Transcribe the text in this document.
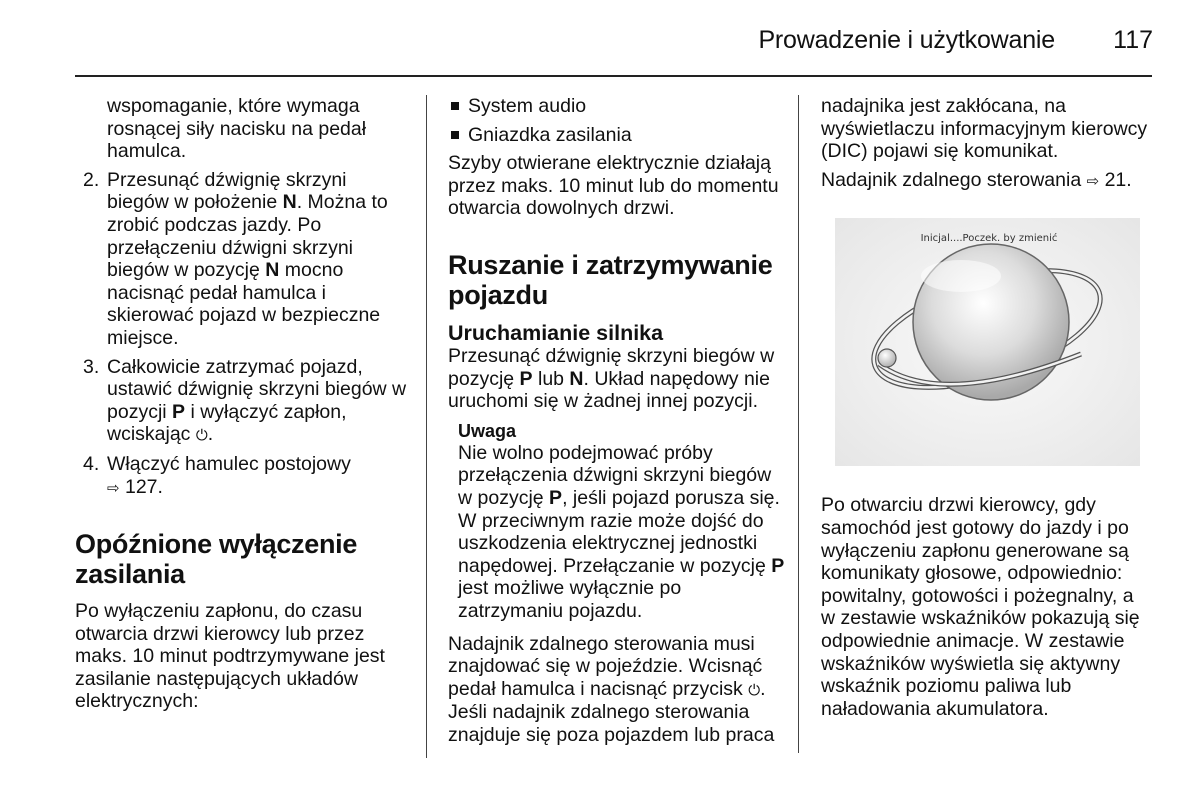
Prowadzenie i użytkowanie 117

wspomaganie, które wymaga rosnącej siły nacisku na pedał hamulca.

2. Przesunąć dźwignię skrzyni biegów w położenie N. Można to zrobić podczas jazdy. Po przełączeniu dźwigni skrzyni biegów w pozycję N mocno nacisnąć pedał hamulca i skierować pojazd w bezpieczne miejsce.
3. Całkowicie zatrzymać pojazd, ustawić dźwignię skrzyni biegów w pozycji P i wyłączyć zapłon, wciskając ⏻.
4. Włączyć hamulec postojowy
⇨ 127.
Opóźnione wyłączenie zasilania

Po wyłączeniu zapłonu, do czasu otwarcia drzwi kierowcy lub przez maks. 10 minut podtrzymywane jest zasilanie następujących układów elektrycznych:

System audio
Gniazdka zasilania

Szyby otwierane elektrycznie działają przez maks. 10 minut lub do momentu otwarcia dowolnych drzwi.

Ruszanie i zatrzymywanie pojazdu
Uruchamianie silnika

Przesunąć dźwignię skrzyni biegów w pozycję P lub N. Układ napędowy nie uruchomi się w żadnej innej pozycji.

Uwaga

Nie wolno podejmować próby przełączenia dźwigni skrzyni biegów w pozycję P, jeśli pojazd porusza się. W przeciwnym razie może dojść do uszkodzenia elektrycznej jednostki napędowej. Przełączanie w pozycję P jest możliwe wyłącznie po zatrzymaniu pojazdu.

Nadajnik zdalnego sterowania musi znajdować się w pojeździe. Wcisnąć pedał hamulca i nacisnąć przycisk ⏻. Jeśli nadajnik zdalnego sterowania znajduje się poza pojazdem lub praca

nadajnika jest zakłócana, na wyświetlaczu informacyjnym kierowcy (DIC) pojawi się komunikat.

Nadajnik zdalnego sterowania ⇨ 21.

Inicjal....Poczek. by zmienić

Po otwarciu drzwi kierowcy, gdy samochód jest gotowy do jazdy i po wyłączeniu zapłonu generowane są komunikaty głosowe, odpowiednio: powitalny, gotowości i pożegnalny, a w zestawie wskaźników pokazują się odpowiednie animacje. W zestawie wskaźników wyświetla się aktywny wskaźnik poziomu paliwa lub naładowania akumulatora.
